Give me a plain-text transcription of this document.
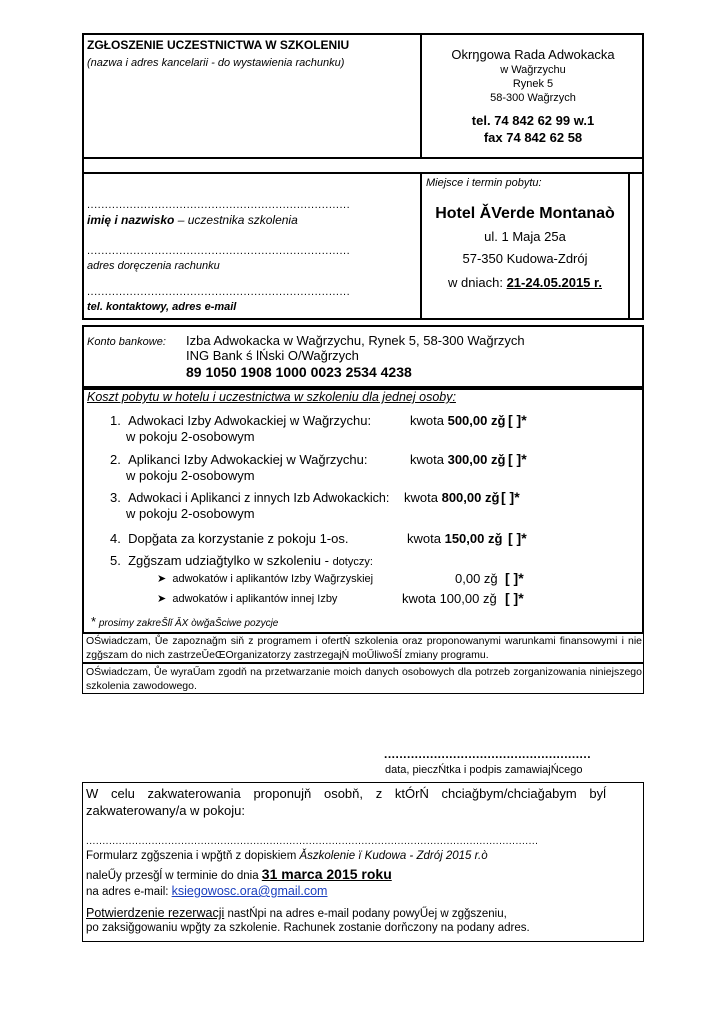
ZGŁOSZENIE UCZESTNICTWA W SZKOLENIU
(nazwa i adres kancelarii - do wystawienia rachunku)
Okrŋgowa Rada Adwokacka
w Waǧrzychu
Rynek 5
58-300 Waǧrzych
tel. 74 842 62 99 w.1
fax 74 842 62 58
..........................................................................
imię i nazwisko – uczestnika szkolenia
..........................................................................
adres doręczenia rachunku
..........................................................................
tel. kontaktowy, adres e-mail
Miejsce i termin pobytu:
Hotel ǍVerde Montanaò
ul. 1 Maja 25a
57-350 Kudowa-Zdrój
w dniach: 21-24.05.2015 r.
Konto bankowe: Izba Adwokacka w Waǧrzychu, Rynek 5, 58-300 Waǧrzych
ING Bank ś lŃski O/Waǧrzych
89 1050 1908 1000 0023 2534 4238
Koszt pobytu w hotelu i uczestnictwa w szkoleniu dla jednej osoby:
1. Adwokaci Izby Adwokackiej w Waǧrzychu:	kwota 500,00 zǧ [ ]*
w pokoju 2-osobowym
2. Aplikanci Izby Adwokackiej w Waǧrzychu:	kwota 300,00 zǧ [ ]*
w pokoju 2-osobowym
3. Adwokaci i Aplikanci z innych Izb Adwokackich: kwota 800,00 zǧ [ ]*
w pokoju 2-osobowym
4. Dopǧata za korzystanie z pokoju 1-os.	kwota 150,00 zǧ [ ]*
5. Zgǧszam udziaǧtylko w szkoleniu - dotyczy:
➤ adwokatów i aplikantów Izby Waǧrzyskiej	0,00 zǧ [ ]*
➤ adwokatów i aplikantów innej Izby	kwota 100,00 zǧ [ ]*
* prosimy zakreŠlǐ ǍX òwǧaŠciwe pozycje
OŚwiadczam, Ůe zapoznaǧm siň z programem i ofertŃ szkolenia oraz proponowanymi warunkami finansowymi i nie zgǧszam do nich zastrzeǓeŒOrganizatorzy zastrzegajŃ moŰliwoŠĺ zmiany programu.
OŚwiadczam, Ůe wyraŰam zgodň na przetwarzanie moich danych osobowych dla potrzeb zorganizowania niniejszego szkolenia zawodowego.
......................................................
data, pieczŃtka i podpis zamawiajŃcego
W celu zakwaterowania proponujň osobň, z ktÓrŃ chciaǧbym/chciaǧabym byĺ zakwaterowany/a w pokoju:
..........................................................................................................................................
Formularz zgǧszenia i wpǧtň z dopiskiem Ǎszkolenie ï Kudowa - Zdrój 2015 r.ò
naleŰy przesǧĺ w terminie do dnia 31 marca 2015 roku
na adres e-mail: ksiegowosc.ora@gmail.com
Potwierdzenie rezerwacji nastŃpi na adres e-mail podany powyŰej w zgǧszeniu,
po zaksiǧgowaniu wpǧty za szkolenie. Rachunek zostanie dorňczony na podany adres.
